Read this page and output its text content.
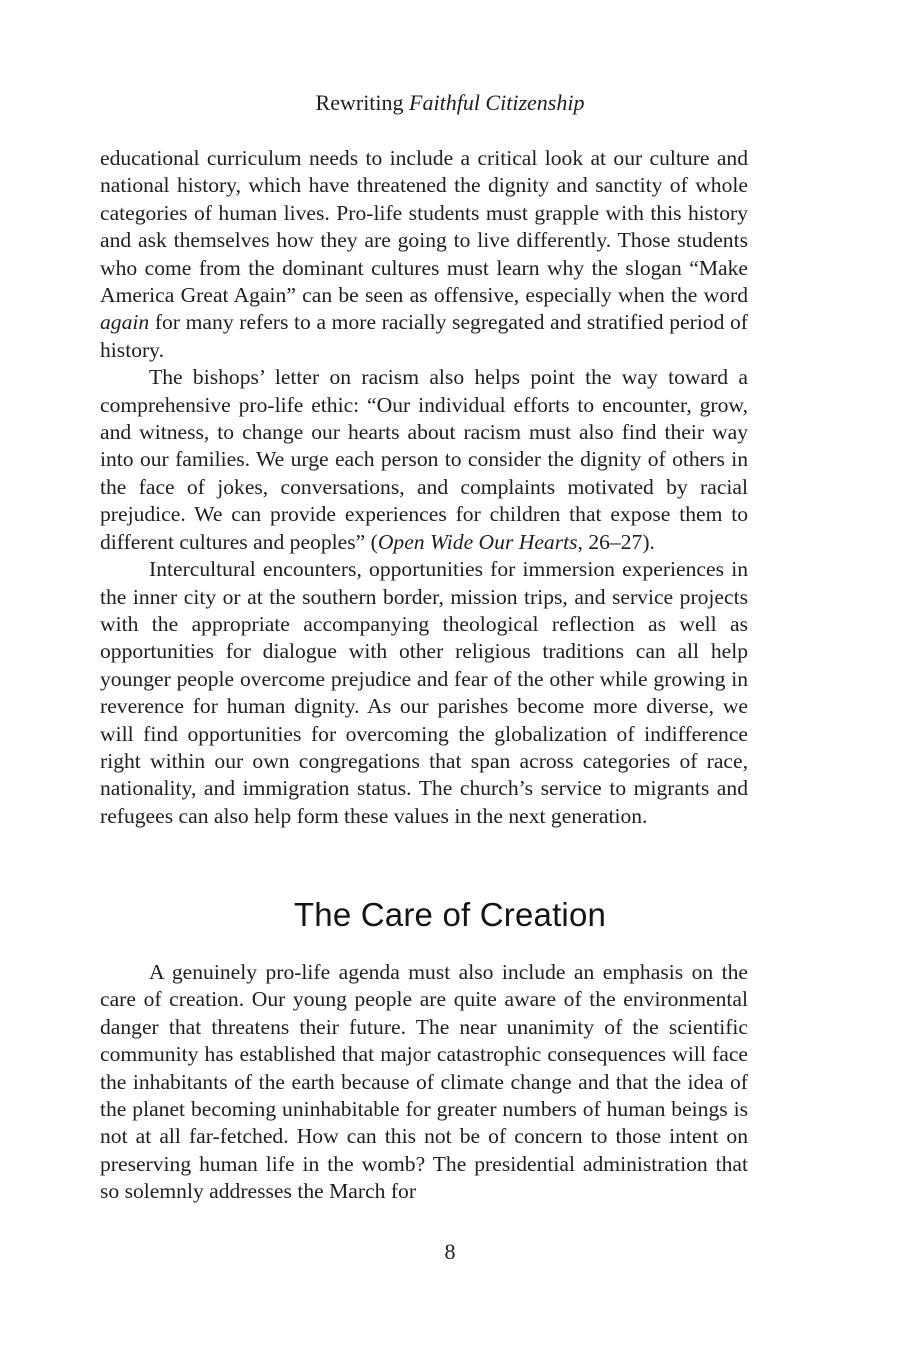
Rewriting Faithful Citizenship

educational curriculum needs to include a critical look at our culture and national history, which have threatened the dignity and sanctity of whole categories of human lives. Pro-life students must grapple with this history and ask themselves how they are going to live differently. Those students who come from the dominant cultures must learn why the slogan “Make America Great Again” can be seen as offensive, especially when the word again for many refers to a more racially segregated and stratified period of history.

The bishops’ letter on racism also helps point the way toward a comprehensive pro-life ethic: “Our individual efforts to encounter, grow, and witness, to change our hearts about racism must also find their way into our families. We urge each person to consider the dignity of others in the face of jokes, conversations, and complaints motivated by racial prejudice. We can provide experiences for children that expose them to different cultures and peoples” (Open Wide Our Hearts, 26–27).

Intercultural encounters, opportunities for immersion experiences in the inner city or at the southern border, mission trips, and service projects with the appropriate accompanying theological reflection as well as opportunities for dialogue with other religious traditions can all help younger people overcome prejudice and fear of the other while growing in reverence for human dignity. As our parishes become more diverse, we will find opportunities for overcoming the globalization of indifference right within our own congregations that span across categories of race, nationality, and immigration status. The church’s service to migrants and refugees can also help form these values in the next generation.

The Care of Creation

A genuinely pro-life agenda must also include an emphasis on the care of creation. Our young people are quite aware of the environmental danger that threatens their future. The near unanimity of the scientific community has established that major catastrophic consequences will face the inhabitants of the earth because of climate change and that the idea of the planet becoming uninhabitable for greater numbers of human beings is not at all far-fetched. How can this not be of concern to those intent on preserving human life in the womb? The presidential administration that so solemnly addresses the March for

8
